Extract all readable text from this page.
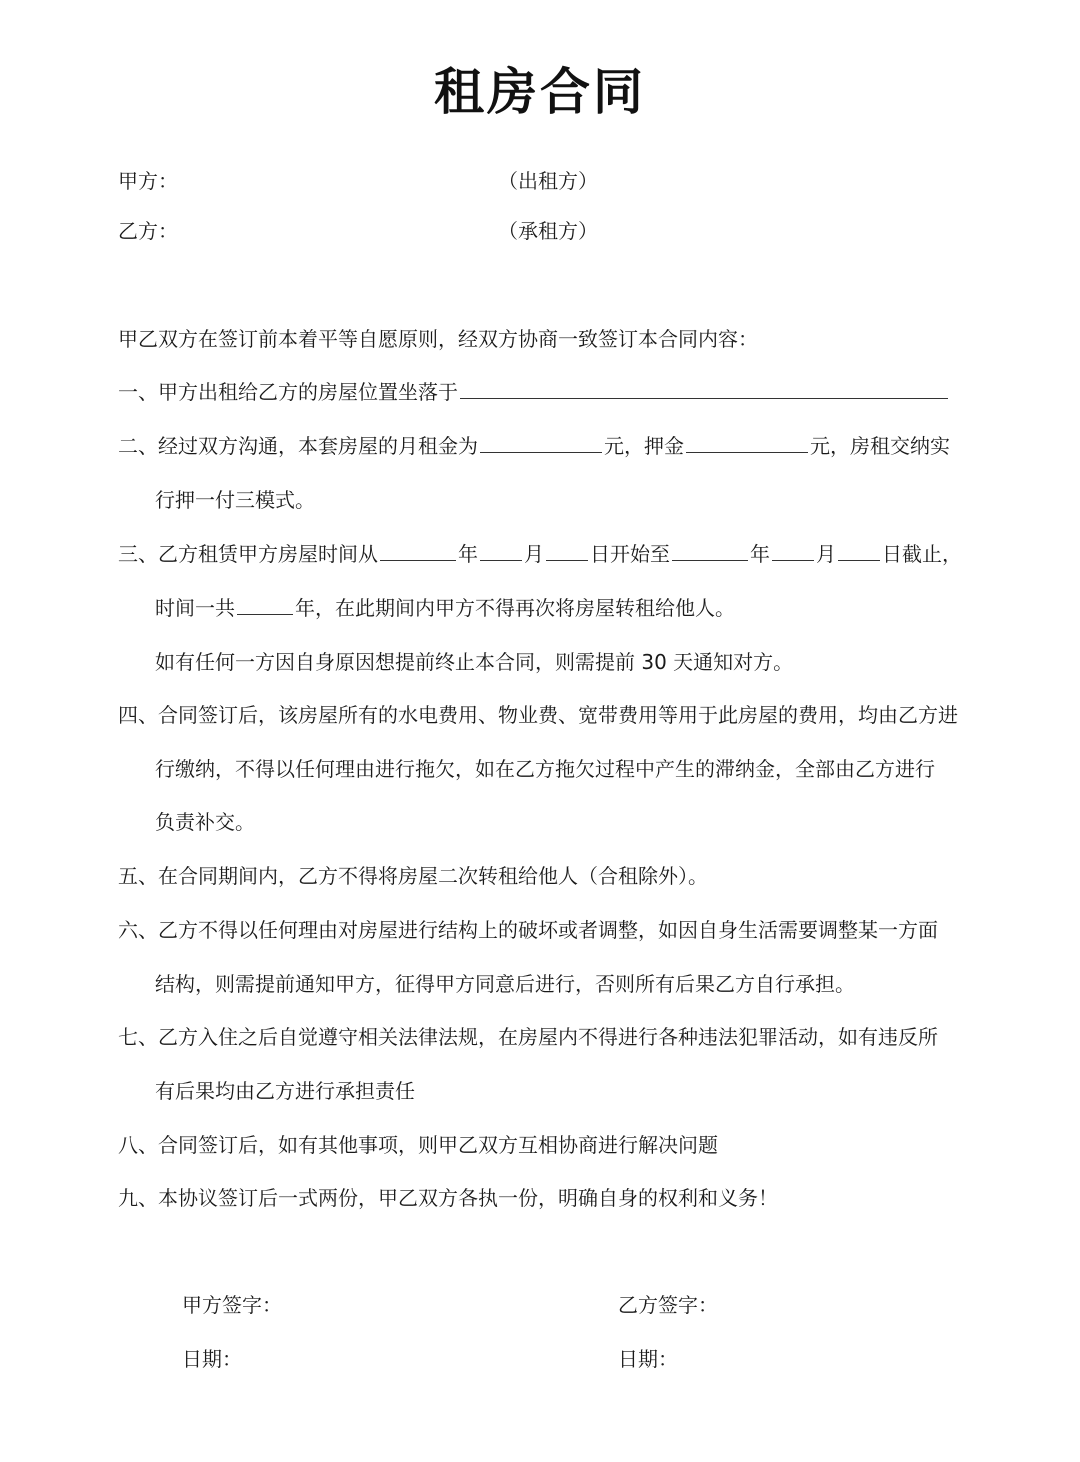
租房合同
甲方：	（出租方）
乙方：	（承租方）
甲乙双方在签订前本着平等自愿原则，经双方协商一致签订本合同内容：
一、甲方出租给乙方的房屋位置坐落于
二、经过双方沟通，本套房屋的月租金为	元，押金	元，房租交纳实
行押一付三模式。
三、乙方租赁甲方房屋时间从	年 月 日开始至	年 月 日截止，
时间一共	年，在此期间内甲方不得再次将房屋转租给他人。
如有任何一方因自身原因想提前终止本合同，则需提前 30 天通知对方。
四、合同签订后，该房屋所有的水电费用、物业费、宽带费用等用于此房屋的费用，均由乙方进
行缴纳，不得以任何理由进行拖欠，如在乙方拖欠过程中产生的滞纳金，全部由乙方进行
负责补交。
五、在合同期间内，乙方不得将房屋二次转租给他人（合租除外）。
六、乙方不得以任何理由对房屋进行结构上的破坏或者调整，如因自身生活需要调整某一方面
结构，则需提前通知甲方，征得甲方同意后进行，否则所有后果乙方自行承担。
七、乙方入住之后自觉遵守相关法律法规，在房屋内不得进行各种违法犯罪活动，如有违反所
有后果均由乙方进行承担责任
八、合同签订后，如有其他事项，则甲乙双方互相协商进行解决问题
九、本协议签订后一式两份，甲乙双方各执一份，明确自身的权利和义务！
甲方签字：	乙方签字：
日期：	日期：
